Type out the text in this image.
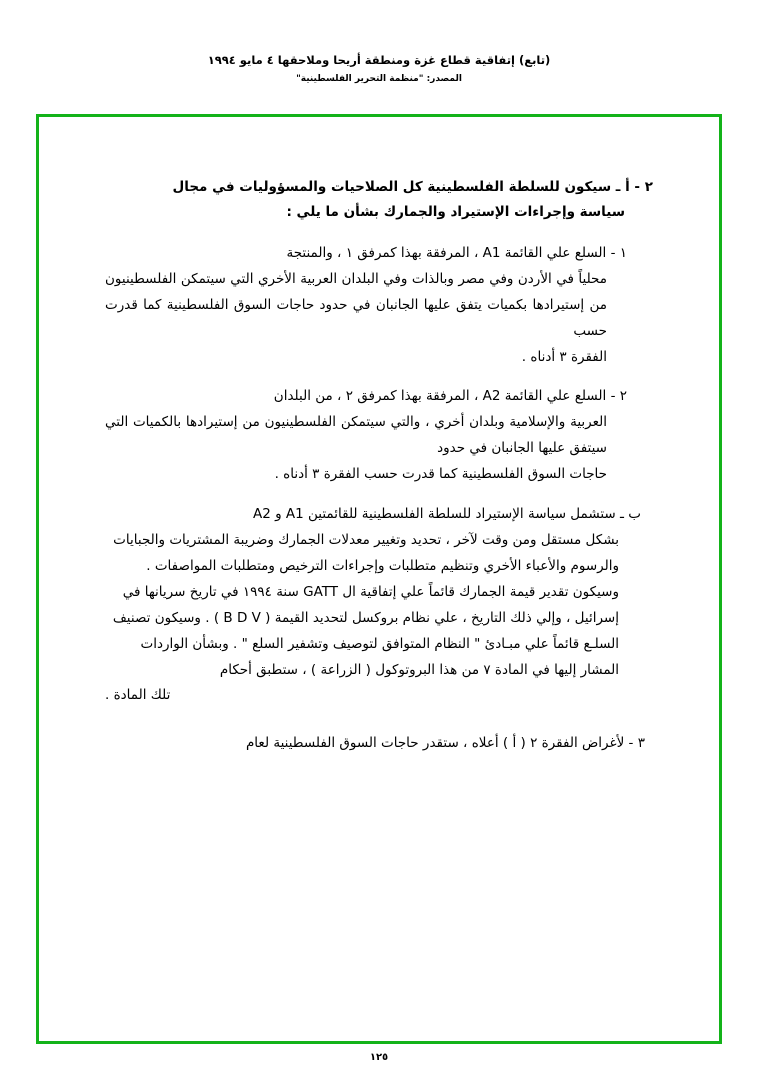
(تابع) إتفاقية قطاع غزة ومنطقة أريحا وملاحقها ٤ مايو ١٩٩٤
المصدر: "منظمة التحرير الفلسطينية"
٢ - أ ـ سيكون للسلطة الفلسطينية كل الصلاحيات والمسؤوليات في مجال
سياسة وإجراءات الإستيراد والجمارك بشأن ما يلي :
١ - السلع علي القائمة A1 ، المرفقة بهذا كمرفق ١ ، والمنتجة
محلياً في الأردن وفي مصر وبالذات وفي البلدان العربية الأخري التي سيتمكن الفلسطينيون من إستيرادها بكميات يتفق عليها الجانبان في حدود حاجات السوق الفلسطينية كما قدرت حسب
الفقرة ٣ أدناه .
٢ - السلع علي القائمة A2 ، المرفقة بهذا كمرفق ٢ ، من البلدان
العربية والإسلامية وبلدان أخري ، والتي سيتمكن الفلسطينيون من إستيرادها بالكميات التي سيتفق عليها الجانبان في حدود
حاجات السوق الفلسطينية كما قدرت حسب الفقرة ٣ أدناه .
ب ـ ستشمل سياسة الإستيراد للسلطة الفلسطينية للقائمتين A1 و A2
بشكل مستقل ومن وقت لآخر ، تحديد وتغيير معدلات الجمارك وضريبة المشتريات والجبايات والرسوم والأعباء الأخري وتنظيم متطلبات وإجراءات الترخيص ومتطلبات المواصفات . وسيكون تقدير قيمة الجمارك قائماً علي إتفاقية ال GATT سنة ١٩٩٤ في تاريخ سريانها في إسرائيل ، وإلي ذلك التاريخ ، علي نظام بروكسل لتحديد القيمة ( B D V ) . وسيكون تصنيف السلـع قائماً علي مبـادئ " النظام المتوافق لتوصيف وتشفير السلع " . وبشأن الواردات المشار إليها في المادة ٧ من هذا البروتوكول ( الزراعة ) ، ستطبق أحكام
تلك المادة .
٣ - لأغراض الفقرة ٢ ( أ ) أعلاه ، ستقدر حاجات السوق الفلسطينية لعام
١٢٥
